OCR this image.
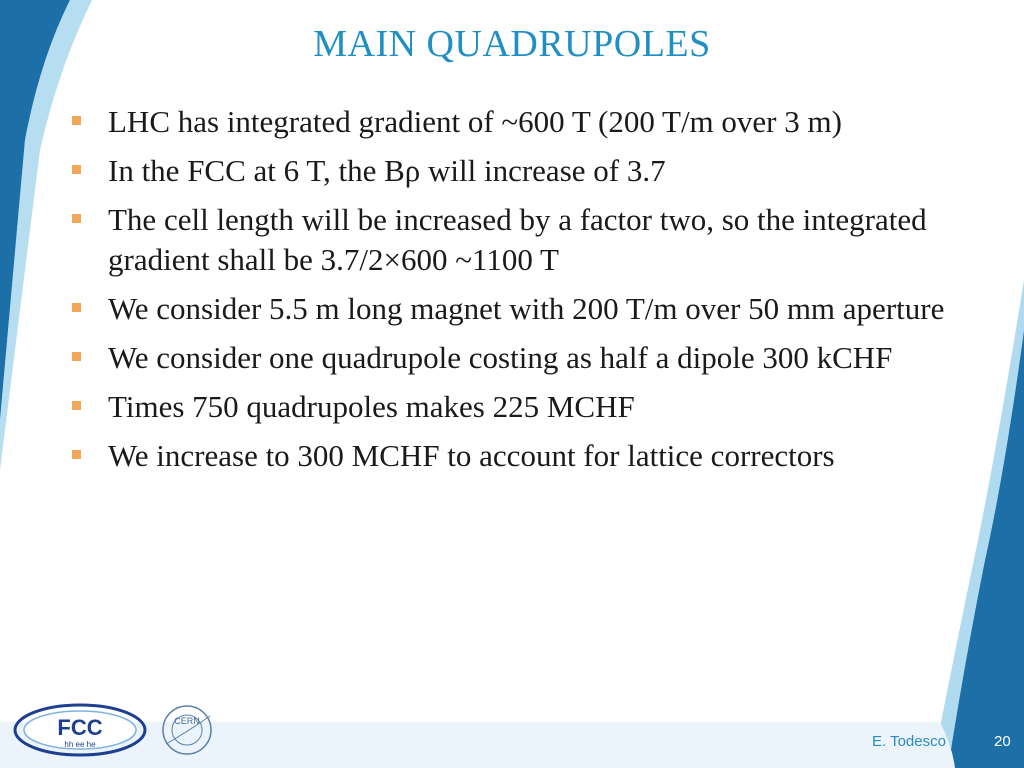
MAIN QUADRUPOLES
LHC has integrated gradient of ~600 T (200 T/m over 3 m)
In the FCC at 6 T, the Bρ will increase of 3.7
The cell length will be increased by a factor two, so the integrated gradient shall be 3.7/2×600 ~1100 T
We consider 5.5 m long magnet with 200 T/m over 50 mm aperture
We consider one quadrupole costing as half a dipole 300 kCHF
Times 750 quadrupoles makes 225 MCHF
We increase to 300 MCHF to account for lattice correctors
FCC
hh ee he
CERN
E. Todesco	20
